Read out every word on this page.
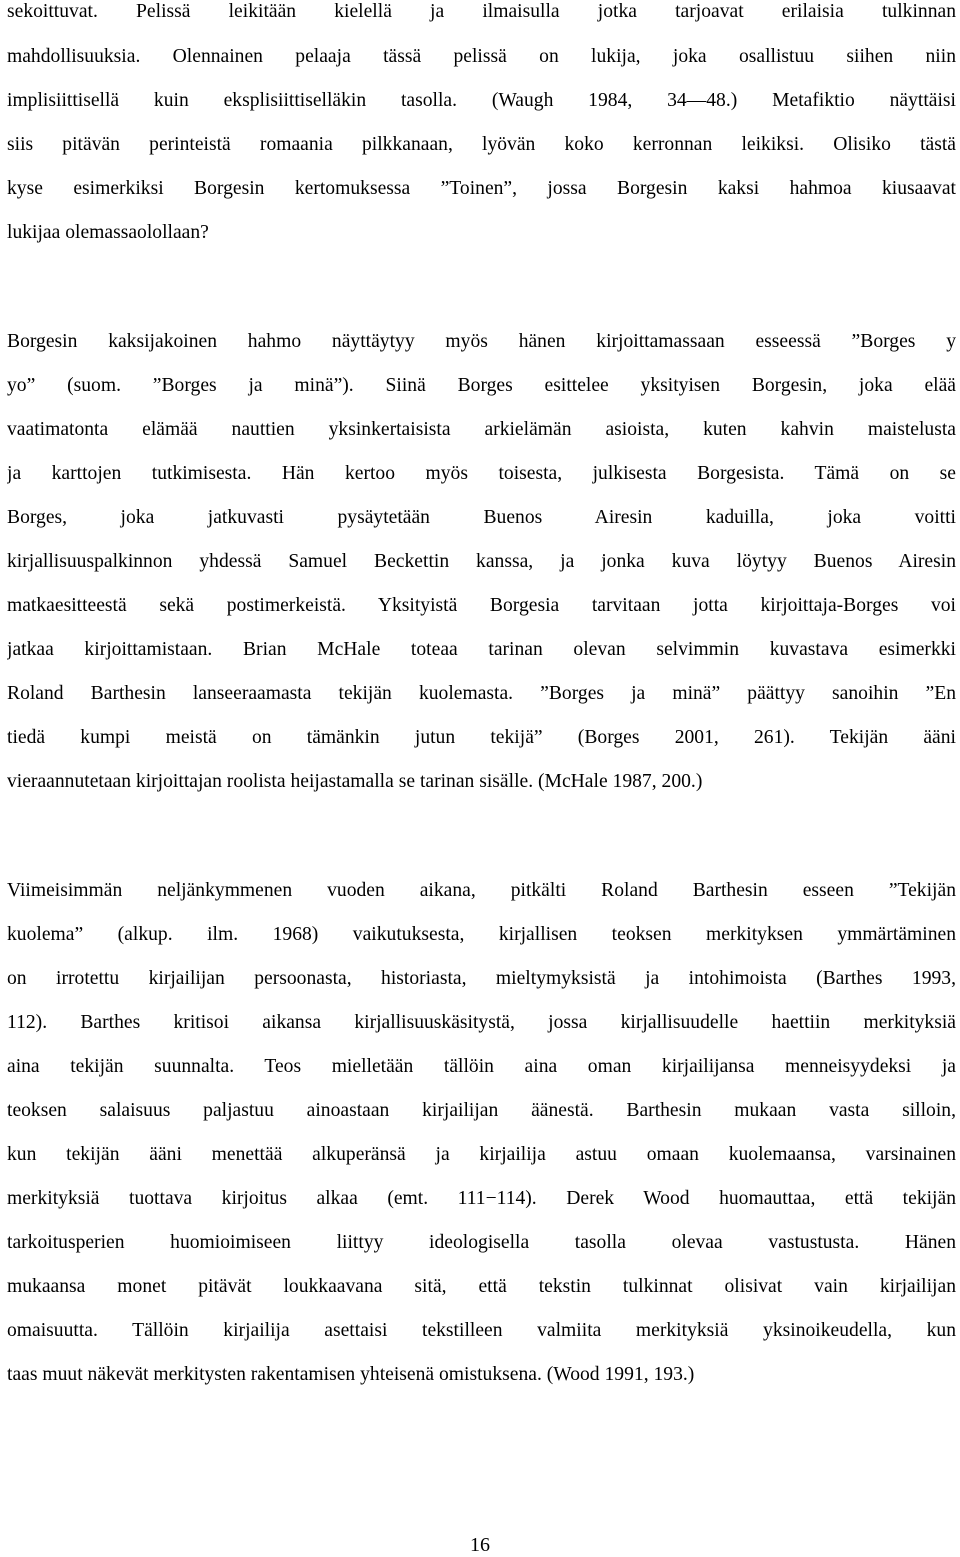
sekoittuvat. Pelissä leikitään kielellä ja ilmaisulla jotka tarjoavat erilaisia tulkinnan
mahdollisuuksia. Olennainen pelaaja tässä pelissä on lukija, joka osallistuu siihen niin
implisiittisellä kuin eksplisiittiselläkin tasolla. (Waugh 1984, 34―48.) Metafiktio näyttäisi
siis pitävän perinteistä romaania pilkkanaan, lyövän koko kerronnan leikiksi. Olisiko tästä
kyse esimerkiksi Borgesin kertomuksessa ”Toinen”, jossa Borgesin kaksi hahmoa kiusaavat
lukijaa olemassaolollaan?
Borgesin kaksijakoinen hahmo näyttäytyy myös hänen kirjoittamassaan esseessä ”Borges y
yo” (suom. ”Borges ja minä”). Siinä Borges esittelee yksityisen Borgesin, joka elää
vaatimatonta elämää nauttien yksinkertaisista arkielämän asioista, kuten kahvin maistelusta
ja karttojen tutkimisesta. Hän kertoo myös toisesta, julkisesta Borgesista. Tämä on se
Borges, joka jatkuvasti pysäytetään Buenos Airesin kaduilla, joka voitti
kirjallisuuspalkinnon yhdessä Samuel Beckettin kanssa, ja jonka kuva löytyy Buenos Airesin
matkaesitteestä sekä postimerkeistä. Yksityistä Borgesia tarvitaan jotta kirjoittaja-Borges voi
jatkaa kirjoittamistaan. Brian McHale toteaa tarinan olevan selvimmin kuvastava esimerkki
Roland Barthesin lanseeraamasta tekijän kuolemasta. ”Borges ja minä” päättyy sanoihin ”En
tiedä kumpi meistä on tämänkin jutun tekijä” (Borges 2001, 261). Tekijän ääni
vieraannutetaan kirjoittajan roolista heijastamalla se tarinan sisälle. (McHale 1987, 200.)
Viimeisimmän neljänkymmenen vuoden aikana, pitkälti Roland Barthesin esseen ”Tekijän
kuolema” (alkup. ilm. 1968) vaikutuksesta, kirjallisen teoksen merkityksen ymmärtäminen
on irrotettu kirjailijan persoonasta, historiasta, mieltymyksistä ja intohimoista (Barthes 1993,
112). Barthes kritisoi aikansa kirjallisuuskäsitystä, jossa kirjallisuudelle haettiin merkityksiä
aina tekijän suunnalta. Teos mielletään tällöin aina oman kirjailijansa menneisyydeksi ja
teoksen salaisuus paljastuu ainoastaan kirjailijan äänestä. Barthesin mukaan vasta silloin,
kun tekijän ääni menettää alkuperänsä ja kirjailija astuu omaan kuolemaansa, varsinainen
merkityksiä tuottava kirjoitus alkaa (emt. 111−114). Derek Wood huomauttaa, että tekijän
tarkoitusperien huomioimiseen liittyy ideologisella tasolla olevaa vastustusta. Hänen
mukaansa monet pitävät loukkaavana sitä, että tekstin tulkinnat olisivat vain kirjailijan
omaisuutta. Tällöin kirjailija asettaisi tekstilleen valmiita merkityksiä yksinoikeudella, kun
taas muut näkevät merkitysten rakentamisen yhteisenä omistuksena. (Wood 1991, 193.)
16
